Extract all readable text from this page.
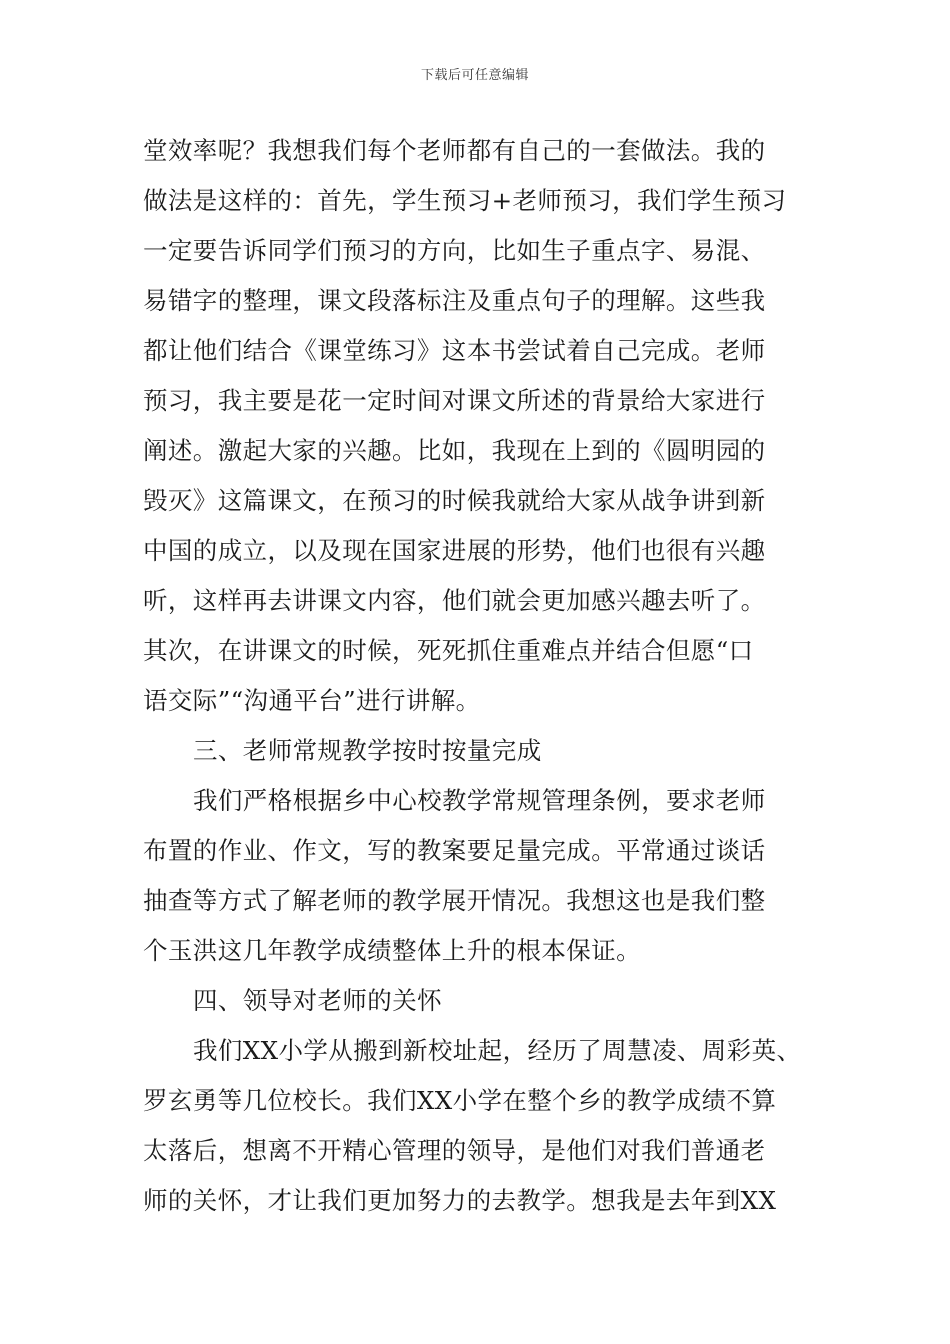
下载后可任意编辑
堂效率呢？我想我们每个老师都有自己的一套做法。我的
做法是这样的：首先，学生预习+老师预习，我们学生预习
一定要告诉同学们预习的方向，比如生子重点字、易混、
易错字的整理，课文段落标注及重点句子的理解。这些我
都让他们结合《课堂练习》这本书尝试着自己完成。老师
预习，我主要是花一定时间对课文所述的背景给大家进行
阐述。激起大家的兴趣。比如，我现在上到的《圆明园的
毁灭》这篇课文，在预习的时候我就给大家从战争讲到新
中国的成立，以及现在国家进展的形势，他们也很有兴趣
听，这样再去讲课文内容，他们就会更加感兴趣去听了。
其次，在讲课文的时候，死死抓住重难点并结合但愿“口
语交际”“沟通平台”进行讲解。
三、老师常规教学按时按量完成
我们严格根据乡中心校教学常规管理条例，要求老师
布置的作业、作文，写的教案要足量完成。平常通过谈话
抽查等方式了解老师的教学展开情况。我想这也是我们整
个玉洪这几年教学成绩整体上升的根本保证。
四、领导对老师的关怀
我们XX小学从搬到新校址起，经历了周慧凌、周彩英、
罗玄勇等几位校长。我们XX小学在整个乡的教学成绩不算
太落后，想离不开精心管理的领导，是他们对我们普通老
师的关怀，才让我们更加努力的去教学。想我是去年到XX
